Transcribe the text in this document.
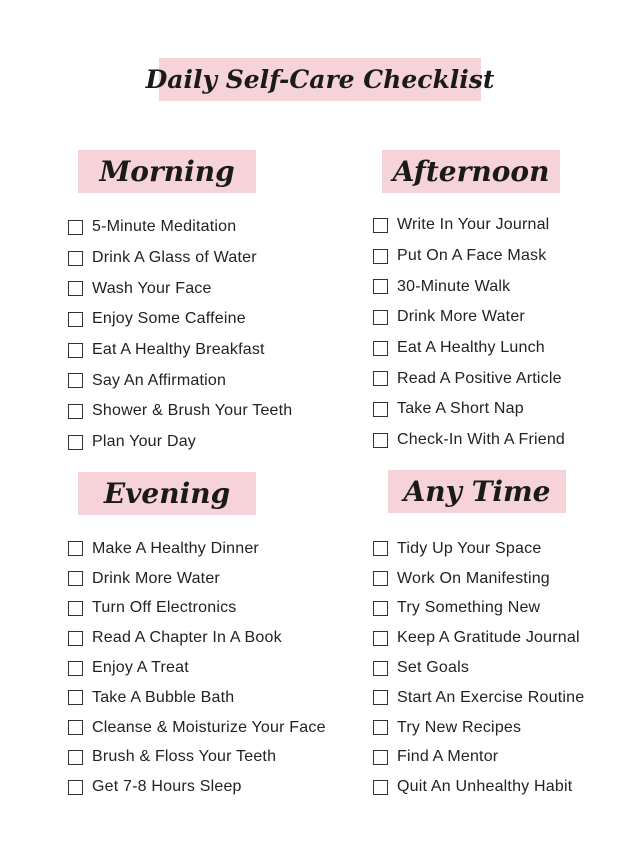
Daily Self-Care Checklist
Morning
5-Minute Meditation
Drink A Glass of Water
Wash Your Face
Enjoy Some Caffeine
Eat A Healthy Breakfast
Say An Affirmation
Shower & Brush Your Teeth
Plan Your Day
Afternoon
Write In Your Journal
Put On A Face Mask
30-Minute Walk
Drink More Water
Eat A Healthy Lunch
Read A Positive Article
Take A Short Nap
Check-In With A Friend
Evening
Make A Healthy Dinner
Drink More Water
Turn Off Electronics
Read A Chapter In A Book
Enjoy A Treat
Take A Bubble Bath
Cleanse & Moisturize Your Face
Brush & Floss Your Teeth
Get 7-8 Hours Sleep
Any Time
Tidy Up Your Space
Work On Manifesting
Try Something New
Keep A Gratitude Journal
Set Goals
Start An Exercise Routine
Try New Recipes
Find A Mentor
Quit An Unhealthy Habit
